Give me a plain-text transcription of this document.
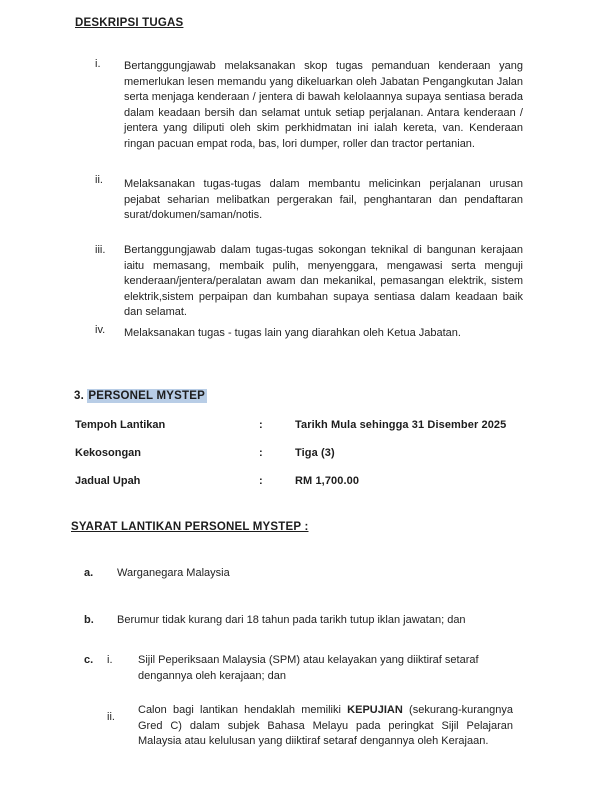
DESKRIPSI TUGAS
i.	Bertanggungjawab melaksanakan skop tugas pemanduan kenderaan yang memerlukan lesen memandu yang dikeluarkan oleh Jabatan Pengangkutan Jalan serta menjaga kenderaan / jentera di bawah kelolaannya supaya sentiasa berada dalam keadaan bersih dan selamat untuk setiap perjalanan. Antara kenderaan / jentera yang diliputi oleh skim perkhidmatan ini ialah kereta, van. Kenderaan ringan pacuan empat roda, bas, lori dumper, roller dan tractor pertanian.
ii.	Melaksanakan tugas-tugas dalam membantu melicinkan perjalanan urusan pejabat seharian melibatkan pergerakan fail, penghantaran dan pendaftaran surat/dokumen/saman/notis.
iii.	Bertanggungjawab dalam tugas-tugas sokongan teknikal di bangunan kerajaan iaitu memasang, membaik pulih, menyenggara, mengawasi serta menguji kenderaan/jentera/peralatan awam dan mekanikal, pemasangan elektrik, sistem elektrik,sistem perpaipan dan kumbahan supaya sentiasa dalam keadaan baik dan selamat.
iv.	Melaksanakan tugas - tugas lain yang diarahkan oleh Ketua Jabatan.
3. PERSONEL MYSTEP
Tempoh Lantikan	:	Tarikh Mula sehingga 31 Disember 2025
Kekosongan	:	Tiga (3)
Jadual Upah	:	RM 1,700.00
SYARAT LANTIKAN PERSONEL MYSTEP :
a.	Warganegara Malaysia
b.	Berumur tidak kurang dari 18 tahun pada tarikh tutup iklan jawatan; dan
c.	i.	Sijil Peperiksaan Malaysia (SPM) atau kelayakan yang diiktiraf setaraf dengannya oleh kerajaan; dan
ii.
Calon bagi lantikan hendaklah memiliki KEPUJIAN (sekurang-kurangnya Gred C) dalam subjek Bahasa Melayu pada peringkat Sijil Pelajaran Malaysia atau kelulusan yang diiktiraf setaraf dengannya oleh Kerajaan.
